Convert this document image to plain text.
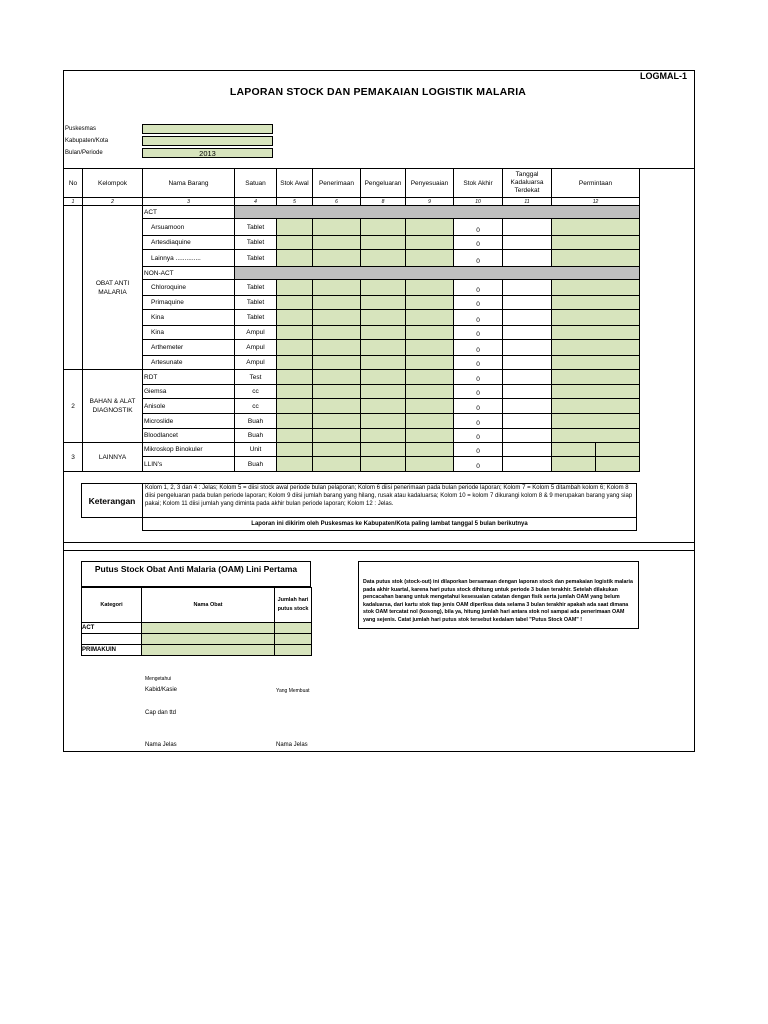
LOGMAL-1
LAPORAN STOCK DAN PEMAKAIAN LOGISTIK MALARIA
Puskesmas
Kabupaten/Kota
Bulan/Periode	2013
No	Kelompok	Nama Barang	Satuan	Stok Awal	Penerimaan	Pengeluaran	Penyesuaian	Stok Akhir	Tanggal Kadaluarsa Terdekat	Permintaan	
1	2	3	4	5	6	8	9	10	11	12	
	OBAT ANTI MALARIA	ACT									
		Arsuamoon	Tablet					0			
		Artesdiaquine	Tablet					0			
		Lainnya ..............	Tablet					0			
		NON-ACT									
		Chloroquine	Tablet					0			
		Primaquine	Tablet					0			
		Kina	Tablet					0			
		Kina	Ampul					0			
		Arthemeter	Ampul					0			
		Artesunate	Ampul					0			
2	BAHAN & ALAT DIAGNOSTIK	RDT	Test					0			
		Giemsa	cc					0			
		Anisole	cc					0			
		Microslide	Buah					0			
		Bloodlancet	Buah					0			
3	LAINNYA	Mikroskop Binokuler	Unit					0			
		LLIN's	Buah					0			
Keterangan
Kolom 1, 2, 3 dan 4 : Jelas; Kolom 5 = diisi stock awal periode bulan pelaporan; Kolom 6 diisi penerimaan pada bulan periode laporan; Kolom 7 = Kolom 5 ditambah kolom 6; Kolom 8 diisi pengeluaran pada bulan periode laporan; Kolom 9 diisi jumlah barang yang hilang, rusak atau kadaluarsa; Kolom 10 = kolom 7 dikurangi kolom 8 & 9 merupakan barang yang siap pakai; Kolom 11 diisi jumlah yang diminta pada akhir bulan periode laporan; Kolom 12 : Jelas.
Laporan ini dikirim oleh Puskesmas ke Kabupaten/Kota paling lambat tanggal 5 bulan berikutnya
Putus Stock Obat Anti Malaria (OAM) Lini Pertama
Kategori	Nama Obat	Jumlah hari putus stock
ACT		

PRIMAKUIN		
Data putus stok (stock-out) ini dilaporkan bersamaan dengan laporan stock dan pemakaian logistik malaria pada akhir kuartal, karena hari putus stock dihitung untuk periode 3 bulan terakhir. Setelah dilakukan pencacahan barang untuk mengetahui kesesuaian catatan dengan fisik serta jumlah OAM yang belum kadaluarsa, dari kartu stok tiap jenis OAM diperiksa data selama 3 bulan terakhir apakah ada saat dimana stok OAM tercatat nol (kosong), bila ya, hitung jumlah hari antara stok nol sampai ada penerimaan OAM yang sejenis. Catat jumlah hari putus stok tersebut kedalam tabel "Putus Stock OAM" !
Mengetahui
Kabid/Kasie	Yang Membuat
Cap dan ttd
Nama Jelas	Nama Jelas
